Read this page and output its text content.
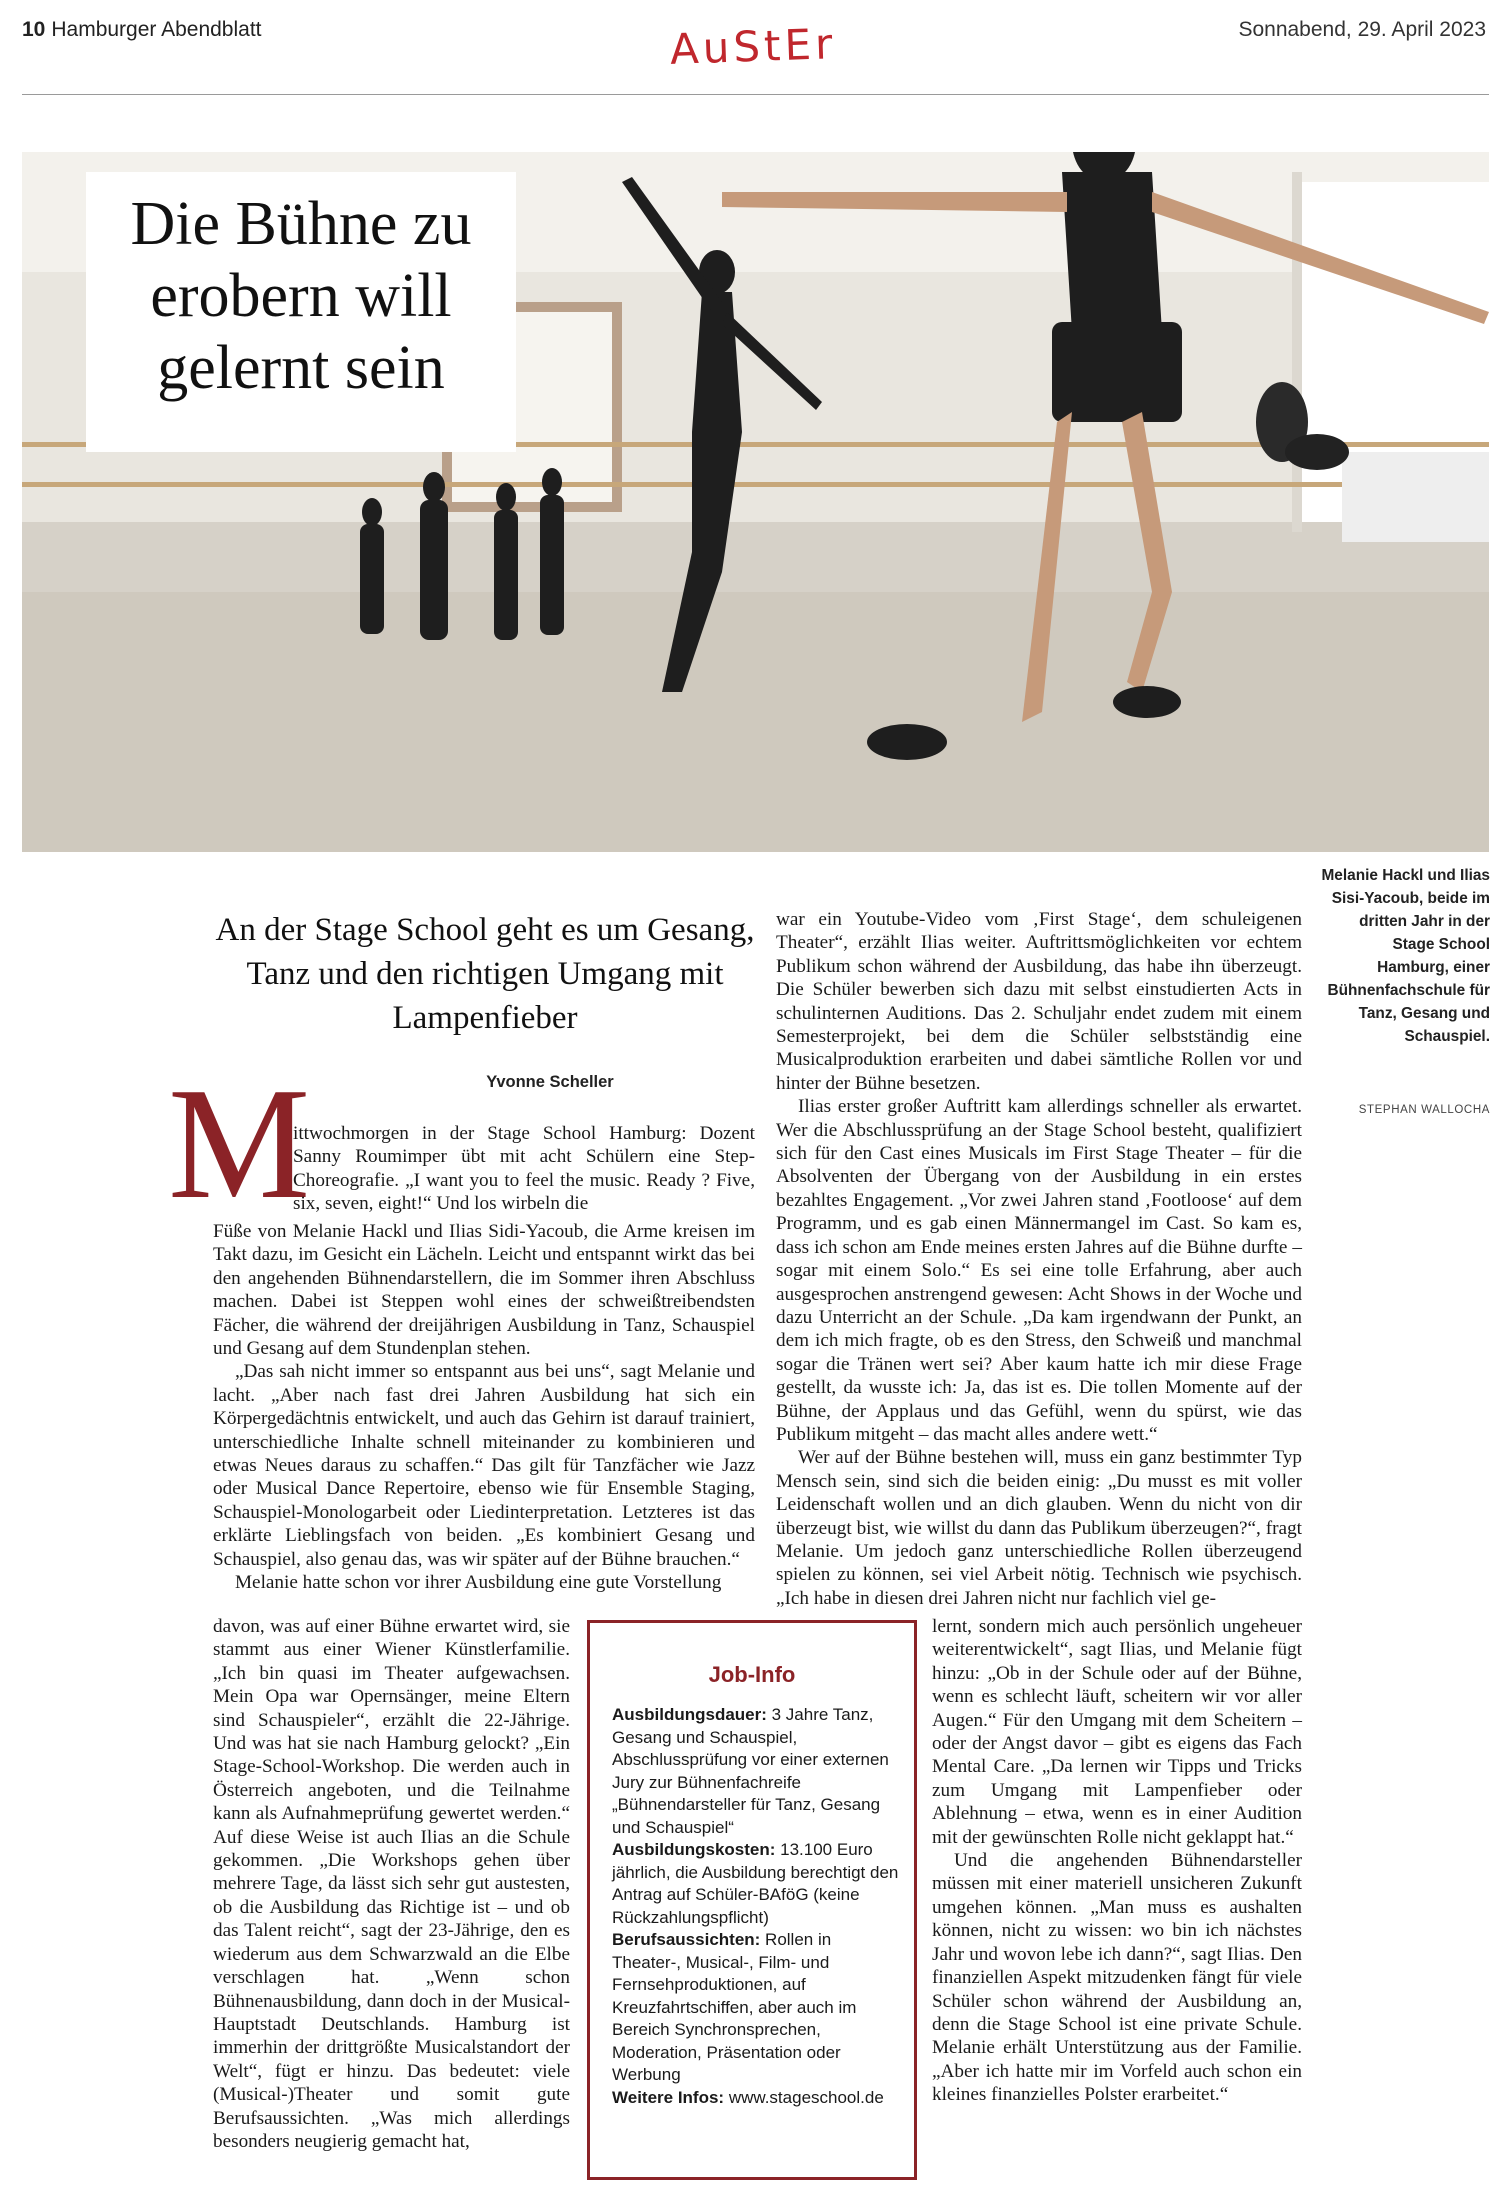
10 Hamburger Abendblatt	AuStEr	Sonnabend, 29. April 2023
Die Bühne zu erobern will gelernt sein
Melanie Hackl und Ilias Sisi-Yacoub, beide im dritten Jahr in der Stage School Hamburg, einer Bühnenfachschule für Tanz, Gesang und Schauspiel.
STEPHAN WALLOCHA
An der Stage School geht es um Gesang, Tanz und den richtigen Umgang mit Lampenfieber
Yvonne Scheller
M

ittwochmorgen in der Stage School Hamburg: Dozent Sanny Roumimper übt mit acht Schülern eine Step-Choreografie. „I want you to feel the music. Ready ? Five, six, seven, eight!“ Und los wirbeln die

Füße von Melanie Hackl und Ilias Sidi-Yacoub, die Arme kreisen im Takt dazu, im Gesicht ein Lächeln. Leicht und entspannt wirkt das bei den angehenden Bühnendarstellern, die im Sommer ihren Abschluss machen. Dabei ist Steppen wohl eines der schweißtreibendsten Fächer, die während der dreijährigen Ausbildung in Tanz, Schauspiel und Gesang auf dem Stundenplan stehen.

„Das sah nicht immer so entspannt aus bei uns“, sagt Melanie und lacht. „Aber nach fast drei Jahren Ausbildung hat sich ein Körpergedächtnis entwickelt, und auch das Gehirn ist darauf trainiert, unterschiedliche Inhalte schnell miteinander zu kombinieren und etwas Neues daraus zu schaffen.“ Das gilt für Tanzfächer wie Jazz oder Musical Dance Repertoire, ebenso wie für Ensemble Staging, Schauspiel-Monologarbeit oder Liedinterpretation. Letzteres ist das erklärte Lieblingsfach von beiden. „Es kombiniert Gesang und Schauspiel, also genau das, was wir später auf der Bühne brauchen.“

Melanie hatte schon vor ihrer Ausbildung eine gute Vorstellung

davon, was auf einer Bühne erwartet wird, sie stammt aus einer Wiener Künstlerfamilie. „Ich bin quasi im Theater aufgewachsen. Mein Opa war Opernsänger, meine Eltern sind Schauspieler“, erzählt die 22-Jährige. Und was hat sie nach Hamburg gelockt? „Ein Stage-School-Workshop. Die werden auch in Österreich angeboten, und die Teilnahme kann als Aufnahmeprüfung gewertet werden.“ Auf diese Weise ist auch Ilias an die Schule gekommen. „Die Workshops gehen über mehrere Tage, da lässt sich sehr gut austesten, ob die Ausbildung das Richtige ist – und ob das Talent reicht“, sagt der 23-Jährige, den es wiederum aus dem Schwarzwald an die Elbe verschlagen hat. „Wenn schon Bühnenausbildung, dann doch in der Musical-Hauptstadt Deutschlands. Hamburg ist immerhin der drittgrößte Musicalstandort der Welt“, fügt er hinzu. Das bedeutet: viele (Musical-)Theater und somit gute Berufsaussichten. „Was mich allerdings besonders neugierig gemacht hat,

war ein Youtube-Video vom ‚First Stage‘, dem schuleigenen Theater“, erzählt Ilias weiter. Auftrittsmöglichkeiten vor echtem Publikum schon während der Ausbildung, das habe ihn überzeugt. Die Schüler bewerben sich dazu mit selbst einstudierten Acts in schulinternen Auditions. Das 2. Schuljahr endet zudem mit einem Semesterprojekt, bei dem die Schüler selbstständig eine Musicalproduktion erarbeiten und dabei sämtliche Rollen vor und hinter der Bühne besetzen.

Ilias erster großer Auftritt kam allerdings schneller als erwartet. Wer die Abschlussprüfung an der Stage School besteht, qualifiziert sich für den Cast eines Musicals im First Stage Theater – für die Absolventen der Übergang von der Ausbildung in ein erstes bezahltes Engagement. „Vor zwei Jahren stand ‚Footloose‘ auf dem Programm, und es gab einen Männermangel im Cast. So kam es, dass ich schon am Ende meines ersten Jahres auf die Bühne durfte – sogar mit einem Solo.“ Es sei eine tolle Erfahrung, aber auch ausgesprochen anstrengend gewesen: Acht Shows in der Woche und dazu Unterricht an der Schule. „Da kam irgendwann der Punkt, an dem ich mich fragte, ob es den Stress, den Schweiß und manchmal sogar die Tränen wert sei? Aber kaum hatte ich mir diese Frage gestellt, da wusste ich: Ja, das ist es. Die tollen Momente auf der Bühne, der Applaus und das Gefühl, wenn du spürst, wie das Publikum mitgeht – das macht alles andere wett.“

Wer auf der Bühne bestehen will, muss ein ganz bestimmter Typ Mensch sein, sind sich die beiden einig: „Du musst es mit voller Leidenschaft wollen und an dich glauben. Wenn du nicht von dir überzeugt bist, wie willst du dann das Publikum überzeugen?“, fragt Melanie. Um jedoch ganz unterschiedliche Rollen überzeugend spielen zu können, sei viel Arbeit nötig. Technisch wie psychisch. „Ich habe in diesen drei Jahren nicht nur fachlich viel ge-

lernt, sondern mich auch persönlich ungeheuer weiterentwickelt“, sagt Ilias, und Melanie fügt hinzu: „Ob in der Schule oder auf der Bühne, wenn es schlecht läuft, scheitern wir vor aller Augen.“ Für den Umgang mit dem Scheitern – oder der Angst davor – gibt es eigens das Fach Mental Care. „Da lernen wir Tipps und Tricks zum Umgang mit Lampenfieber oder Ablehnung – etwa, wenn es in einer Audition mit der gewünschten Rolle nicht geklappt hat.“

Und die angehenden Bühnendarsteller müssen mit einer materiell unsicheren Zukunft umgehen können. „Man muss es aushalten können, nicht zu wissen: wo bin ich nächstes Jahr und wovon lebe ich dann?“, sagt Ilias. Den finanziellen Aspekt mitzudenken fängt für viele Schüler schon während der Ausbildung an, denn die Stage School ist eine private Schule. Melanie erhält Unterstützung aus der Familie. „Aber ich hatte mir im Vorfeld auch schon ein kleines finanzielles Polster erarbeitet.“

Job-Info
Ausbildungsdauer: 3 Jahre Tanz, Gesang und Schauspiel, Abschlussprüfung vor einer externen Jury zur Bühnenfachreife „Bühnendarsteller für Tanz, Gesang und Schauspiel“
Ausbildungskosten: 13.100 Euro jährlich, die Ausbildung berechtigt den Antrag auf Schüler-BAföG (keine Rückzahlungspflicht)
Berufsaussichten: Rollen in Theater-, Musical-, Film- und Fernsehproduktionen, auf Kreuzfahrtschiffen, aber auch im Bereich Synchronsprechen, Moderation, Präsentation oder Werbung
Weitere Infos: www.stageschool.de
